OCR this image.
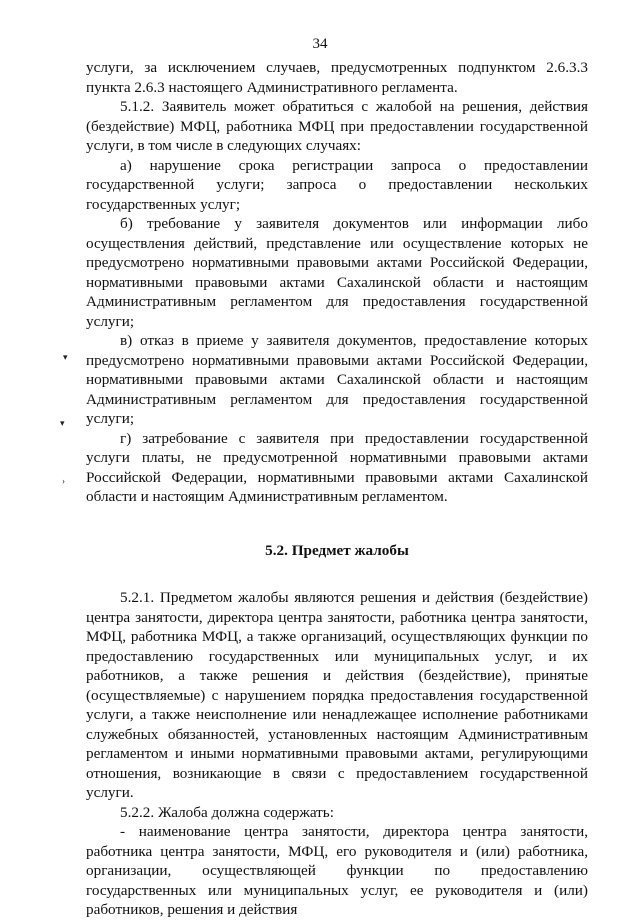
34
▾
▾
›

услуги, за исключением случаев, предусмотренных подпунктом 2.6.3.3 пункта 2.6.3 настоящего Административного регламента.

5.1.2. Заявитель может обратиться с жалобой на решения, действия (бездействие) МФЦ, работника МФЦ при предоставлении государственной услуги, в том числе в следующих случаях:

а) нарушение срока регистрации запроса о предоставлении государственной услуги; запроса о предоставлении нескольких государственных услуг;

б) требование у заявителя документов или информации либо осуществления действий, представление или осуществление которых не предусмотрено нормативными правовыми актами Российской Федерации, нормативными правовыми актами Сахалинской области и настоящим Административным регламентом для предоставления государственной услуги;

в) отказ в приеме у заявителя документов, предоставление которых предусмотрено нормативными правовыми актами Российской Федерации, нормативными правовыми актами Сахалинской области и настоящим Административным регламентом для предоставления государственной услуги;

г) затребование с заявителя при предоставлении государственной услуги платы, не предусмотренной нормативными правовыми актами Российской Федерации, нормативными правовыми актами Сахалинской области и настоящим Административным регламентом.

5.2. Предмет жалобы

5.2.1. Предметом жалобы являются решения и действия (бездействие) центра занятости, директора центра занятости, работника центра занятости, МФЦ, работника МФЦ, а также организаций, осуществляющих функции по предоставлению государственных или муниципальных услуг, и их работников, а также решения и действия (бездействие), принятые (осуществляемые) с нарушением порядка предоставления государственной услуги, а также неисполнение или ненадлежащее исполнение работниками служебных обязанностей, установленных настоящим Административным регламентом и иными нормативными правовыми актами, регулирующими отношения, возникающие в связи с предоставлением государственной услуги.

5.2.2. Жалоба должна содержать:

- наименование центра занятости, директора центра занятости, работника центра занятости, МФЦ, его руководителя и (или) работника, организации, осуществляющей функции по предоставлению государственных или муниципальных услуг, ее руководителя и (или) работников, решения и действия
